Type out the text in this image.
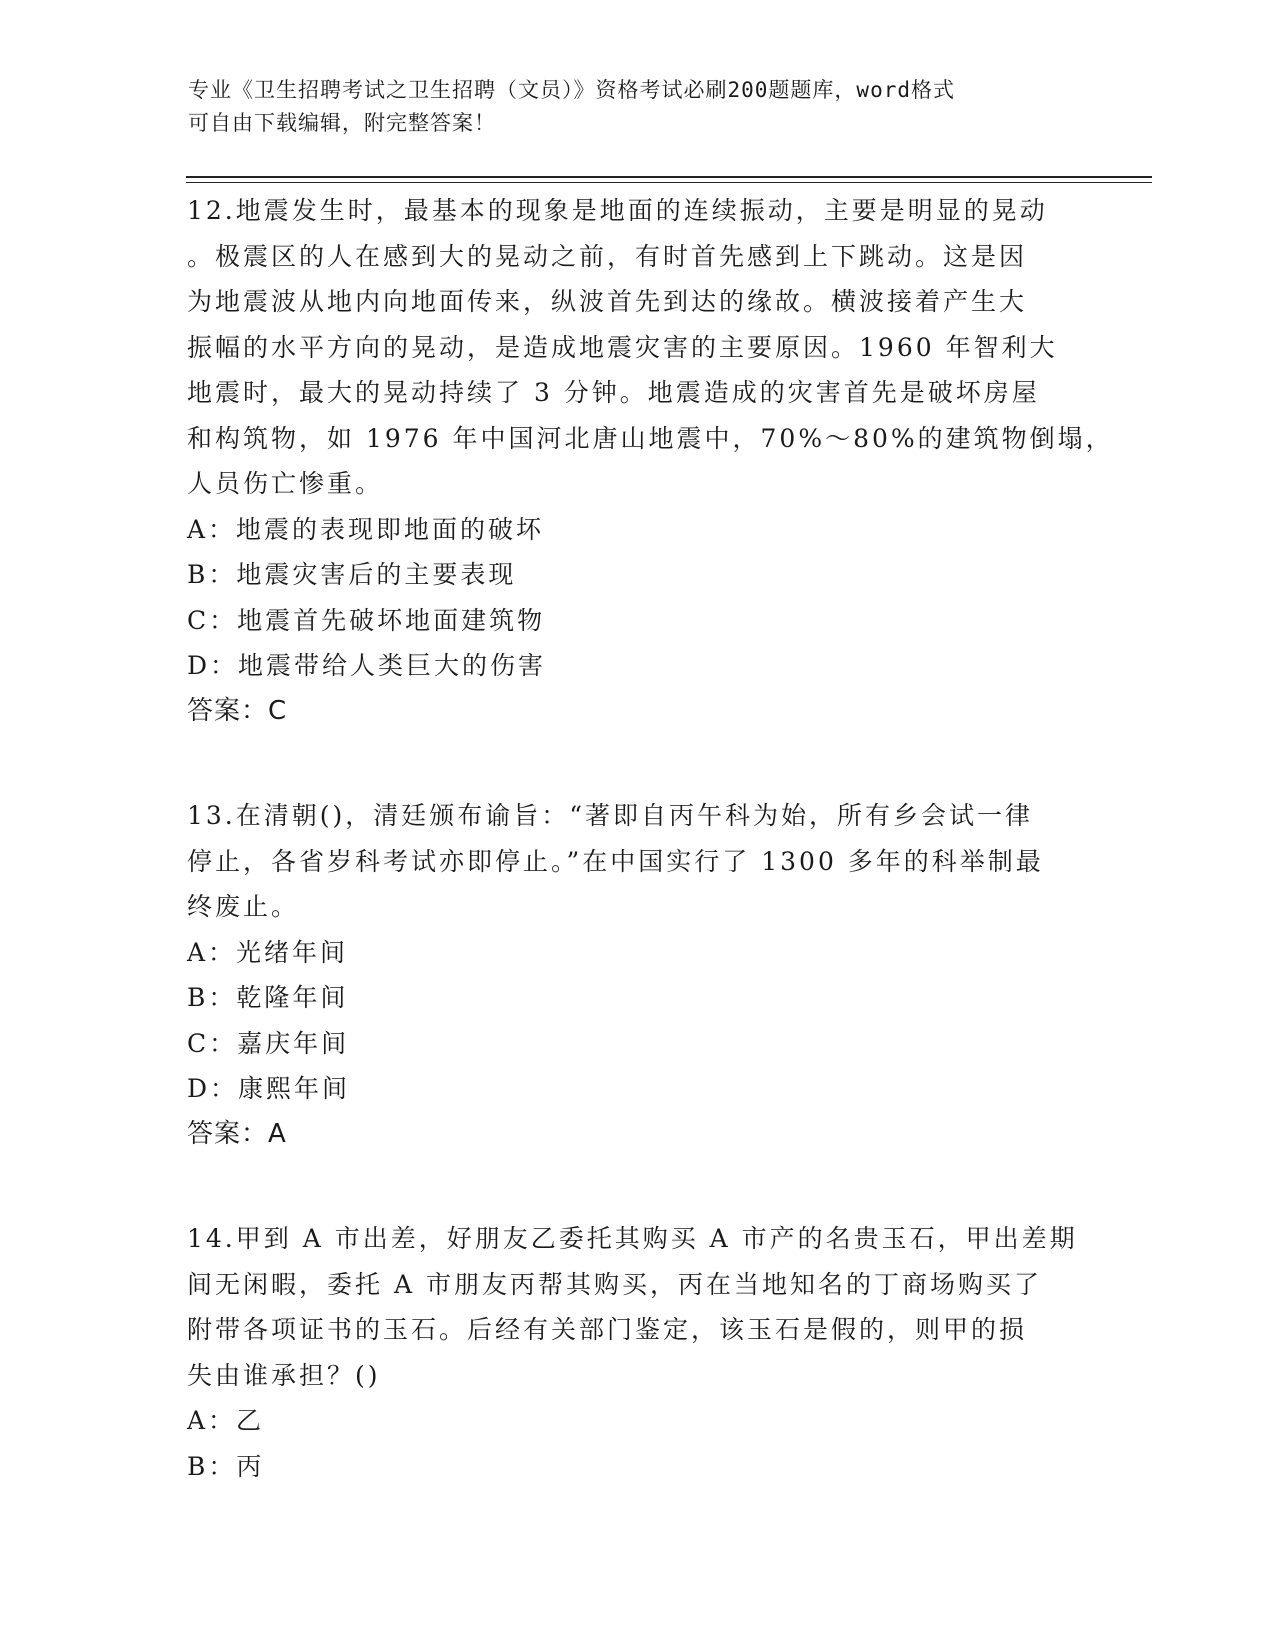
专业《卫生招聘考试之卫生招聘（文员）》资格考试必刷200题题库，word格式
可自由下载编辑，附完整答案！
12.地震发生时，最基本的现象是地面的连续振动，主要是明显的晃动
。极震区的人在感到大的晃动之前，有时首先感到上下跳动。这是因
为地震波从地内向地面传来，纵波首先到达的缘故。横波接着产生大
振幅的水平方向的晃动，是造成地震灾害的主要原因。1960 年智利大
地震时，最大的晃动持续了 3 分钟。地震造成的灾害首先是破坏房屋
和构筑物，如 1976 年中国河北唐山地震中，70%～80%的建筑物倒塌，
人员伤亡惨重。
A：地震的表现即地面的破坏
B：地震灾害后的主要表现
C：地震首先破坏地面建筑物
D：地震带给人类巨大的伤害
答案：C
13.在清朝()，清廷颁布谕旨：“著即自丙午科为始，所有乡会试一律
停止，各省岁科考试亦即停止。”在中国实行了 1300 多年的科举制最
终废止。
A：光绪年间
B：乾隆年间
C：嘉庆年间
D：康熙年间
答案：A
14.甲到 A 市出差，好朋友乙委托其购买 A 市产的名贵玉石，甲出差期
间无闲暇，委托 A 市朋友丙帮其购买，丙在当地知名的丁商场购买了
附带各项证书的玉石。后经有关部门鉴定，该玉石是假的，则甲的损
失由谁承担？()
A：乙
B：丙
